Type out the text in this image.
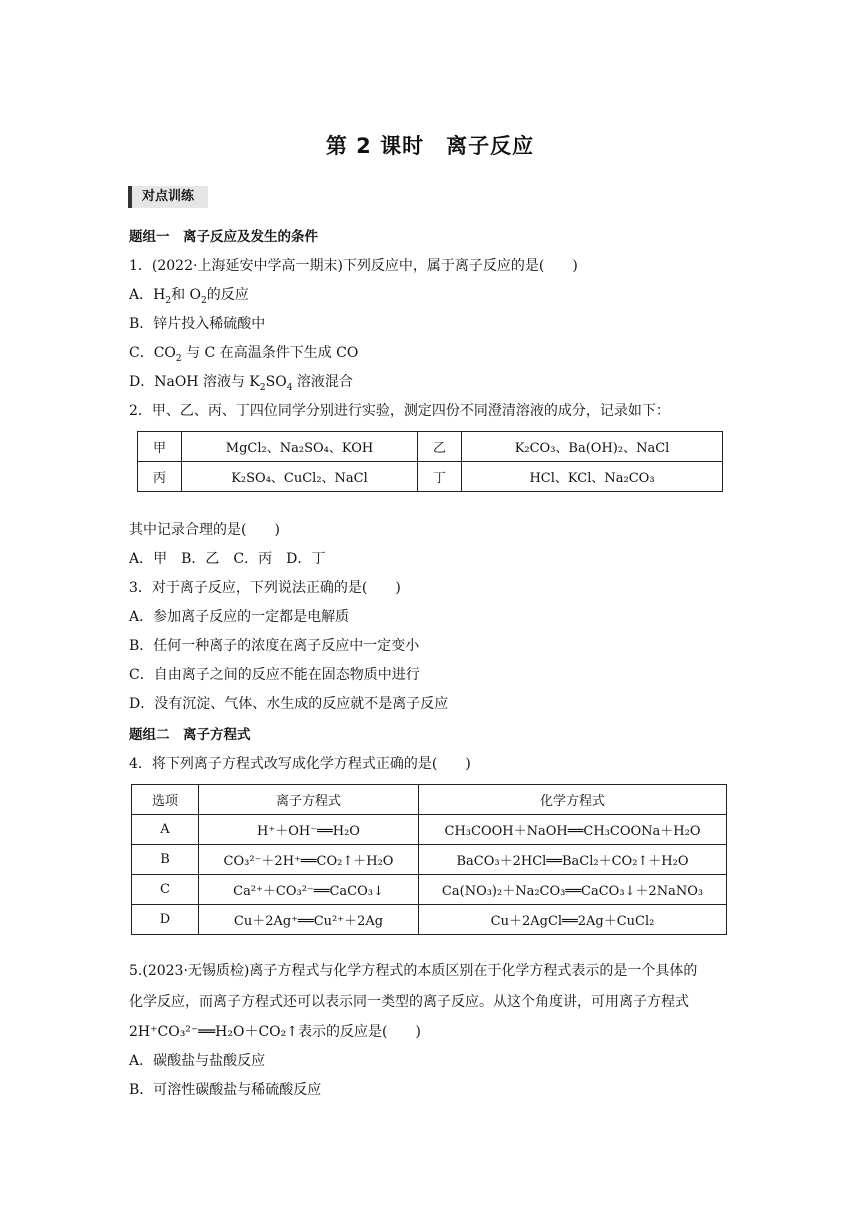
第 2 课时　离子反应
对点训练
题组一　离子反应及发生的条件
1．(2022·上海延安中学高一期末)下列反应中，属于离子反应的是(　　)
A．$H_2$和 $O_2$的反应
B．锌片投入稀硫酸中
C．$CO_2$ 与 C 在高温条件下生成 CO
D．NaOH 溶液与 $K_2SO_4$ 溶液混合
2．甲、乙、丙、丁四位同学分别进行实验，测定四份不同澄清溶液的成分，记录如下：
甲	MgCl₂、Na₂SO₄、KOH	乙	K₂CO₃、Ba(OH)₂、NaCl
丙	K₂SO₄、CuCl₂、NaCl	丁	HCl、KCl、Na₂CO₃
其中记录合理的是(　　)
A．甲　B．乙　C．丙　D．丁
3．对于离子反应，下列说法正确的是(　　)
A．参加离子反应的一定都是电解质
B．任何一种离子的浓度在离子反应中一定变小
C．自由离子之间的反应不能在固态物质中进行
D．没有沉淀、气体、水生成的反应就不是离子反应
题组二　离子方程式
4．将下列离子方程式改写成化学方程式正确的是(　　)
选项	离子方程式	化学方程式
A	H⁺＋OH⁻══H₂O	CH₃COOH＋NaOH══CH₃COONa＋H₂O
B	CO₃²⁻＋2H⁺══CO₂↑＋H₂O	BaCO₃＋2HCl══BaCl₂＋CO₂↑＋H₂O
C	Ca²⁺＋CO₃²⁻══CaCO₃↓	Ca(NO₃)₂＋Na₂CO₃══CaCO₃↓＋2NaNO₃
D	Cu＋2Ag⁺══Cu²⁺＋2Ag	Cu＋2AgCl══2Ag＋CuCl₂
5.(2023·无锡质检)离子方程式与化学方程式的本质区别在于化学方程式表示的是一个具体的
化学反应，而离子方程式还可以表示同一类型的离子反应。从这个角度讲，可用离子方程式
2H⁺CO₃²⁻══H₂O＋CO₂↑表示的反应是(　　)
A．碳酸盐与盐酸反应
B．可溶性碳酸盐与稀硫酸反应
